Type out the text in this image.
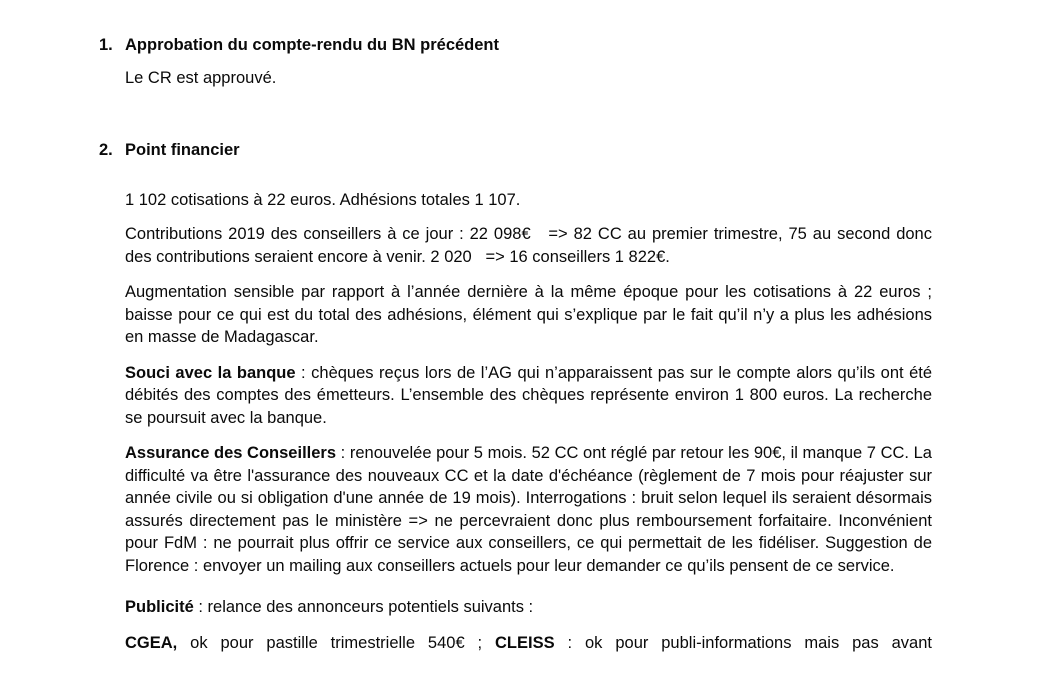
1. Approbation du compte-rendu du BN précédent

Le CR est approuvé.

2. Point financier

1 102 cotisations à 22 euros. Adhésions totales 1 107.

Contributions 2019 des conseillers à ce jour : 22 098€   => 82 CC au premier trimestre, 75 au second donc des contributions seraient encore à venir. 2 020   => 16 conseillers 1 822€.

Augmentation sensible par rapport à l’année dernière à la même époque pour les cotisations à 22 euros ; baisse pour ce qui est du total des adhésions, élément qui s’explique par le fait qu’il n’y a plus les adhésions en masse de Madagascar.

Souci avec la banque : chèques reçus lors de l’AG qui n’apparaissent pas sur le compte alors qu’ils ont été débités des comptes des émetteurs. L’ensemble des chèques représente environ 1 800 euros. La recherche se poursuit avec la banque.

Assurance des Conseillers : renouvelée pour 5 mois. 52 CC ont réglé par retour les 90€, il manque 7 CC. La difficulté va être l'assurance des nouveaux CC et la date d'échéance (règlement de 7 mois pour réajuster sur année civile ou si obligation d'une année de 19 mois). Interrogations : bruit selon lequel ils seraient désormais assurés directement pas le ministère => ne percevraient donc plus remboursement forfaitaire. Inconvénient pour FdM : ne pourrait plus offrir ce service aux conseillers, ce qui permettait de les fidéliser. Suggestion de Florence : envoyer un mailing aux conseillers actuels pour leur demander ce qu’ils pensent de ce service.

Publicité : relance des annonceurs potentiels suivants :

CGEA, ok pour pastille trimestrielle 540€ ; CLEISS : ok pour publi-informations mais pas avant
